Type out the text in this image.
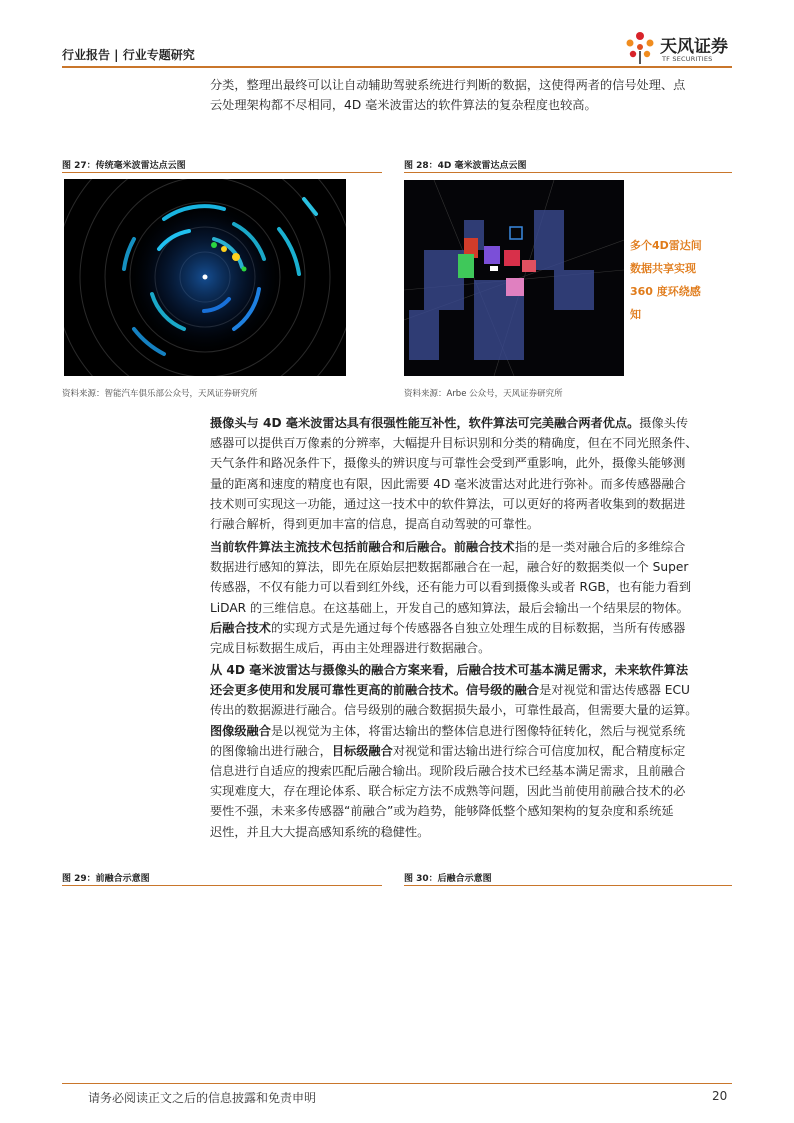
行业报告 | 行业专题研究	天风证券
TF SECURITIES
分类，整理出最终可以让自动辅助驾驶系统进行判断的数据，这使得两者的信号处理、点
云处理架构都不尽相同，4D 毫米波雷达的软件算法的复杂程度也较高。
图 27：传统毫米波雷达点云图
资料来源：智能汽车俱乐部公众号，天风证券研究所
图 28：4D 毫米波雷达点云图
多个4D雷达间
数据共享实现
360 度环绕感
知
资料来源：Arbe 公众号，天风证券研究所
摄像头与 4D 毫米波雷达具有很强性能互补性，软件算法可完美融合两者优点。摄像头传
感器可以提供百万像素的分辨率，大幅提升目标识别和分类的精确度，但在不同光照条件、
天气条件和路况条件下，摄像头的辨识度与可靠性会受到严重影响，此外，摄像头能够测
量的距离和速度的精度也有限，因此需要 4D 毫米波雷达对此进行弥补。而多传感器融合
技术则可实现这一功能，通过这一技术中的软件算法，可以更好的将两者收集到的数据进
行融合解析，得到更加丰富的信息，提高自动驾驶的可靠性。
当前软件算法主流技术包括前融合和后融合。前融合技术指的是一类对融合后的多维综合
数据进行感知的算法，即先在原始层把数据都融合在一起，融合好的数据类似一个 Super
传感器，不仅有能力可以看到红外线，还有能力可以看到摄像头或者 RGB，也有能力看到
LiDAR 的三维信息。在这基础上，开发自己的感知算法，最后会输出一个结果层的物体。
后融合技术的实现方式是先通过每个传感器各自独立处理生成的目标数据，当所有传感器
完成目标数据生成后，再由主处理器进行数据融合。
从 4D 毫米波雷达与摄像头的融合方案来看，后融合技术可基本满足需求，未来软件算法
还会更多使用和发展可靠性更高的前融合技术。信号级的融合是对视觉和雷达传感器 ECU
传出的数据源进行融合。信号级别的融合数据损失最小，可靠性最高，但需要大量的运算。
图像级融合是以视觉为主体，将雷达输出的整体信息进行图像特征转化，然后与视觉系统
的图像输出进行融合，目标级融合对视觉和雷达输出进行综合可信度加权，配合精度标定
信息进行自适应的搜索匹配后融合输出。现阶段后融合技术已经基本满足需求，且前融合
实现难度大，存在理论体系、联合标定方法不成熟等问题，因此当前使用前融合技术的必
要性不强，未来多传感器“前融合”或为趋势，能够降低整个感知架构的复杂度和系统延
迟性，并且大大提高感知系统的稳健性。
图 29：前融合示意图	图 30：后融合示意图
请务必阅读正文之后的信息披露和免责申明	20
